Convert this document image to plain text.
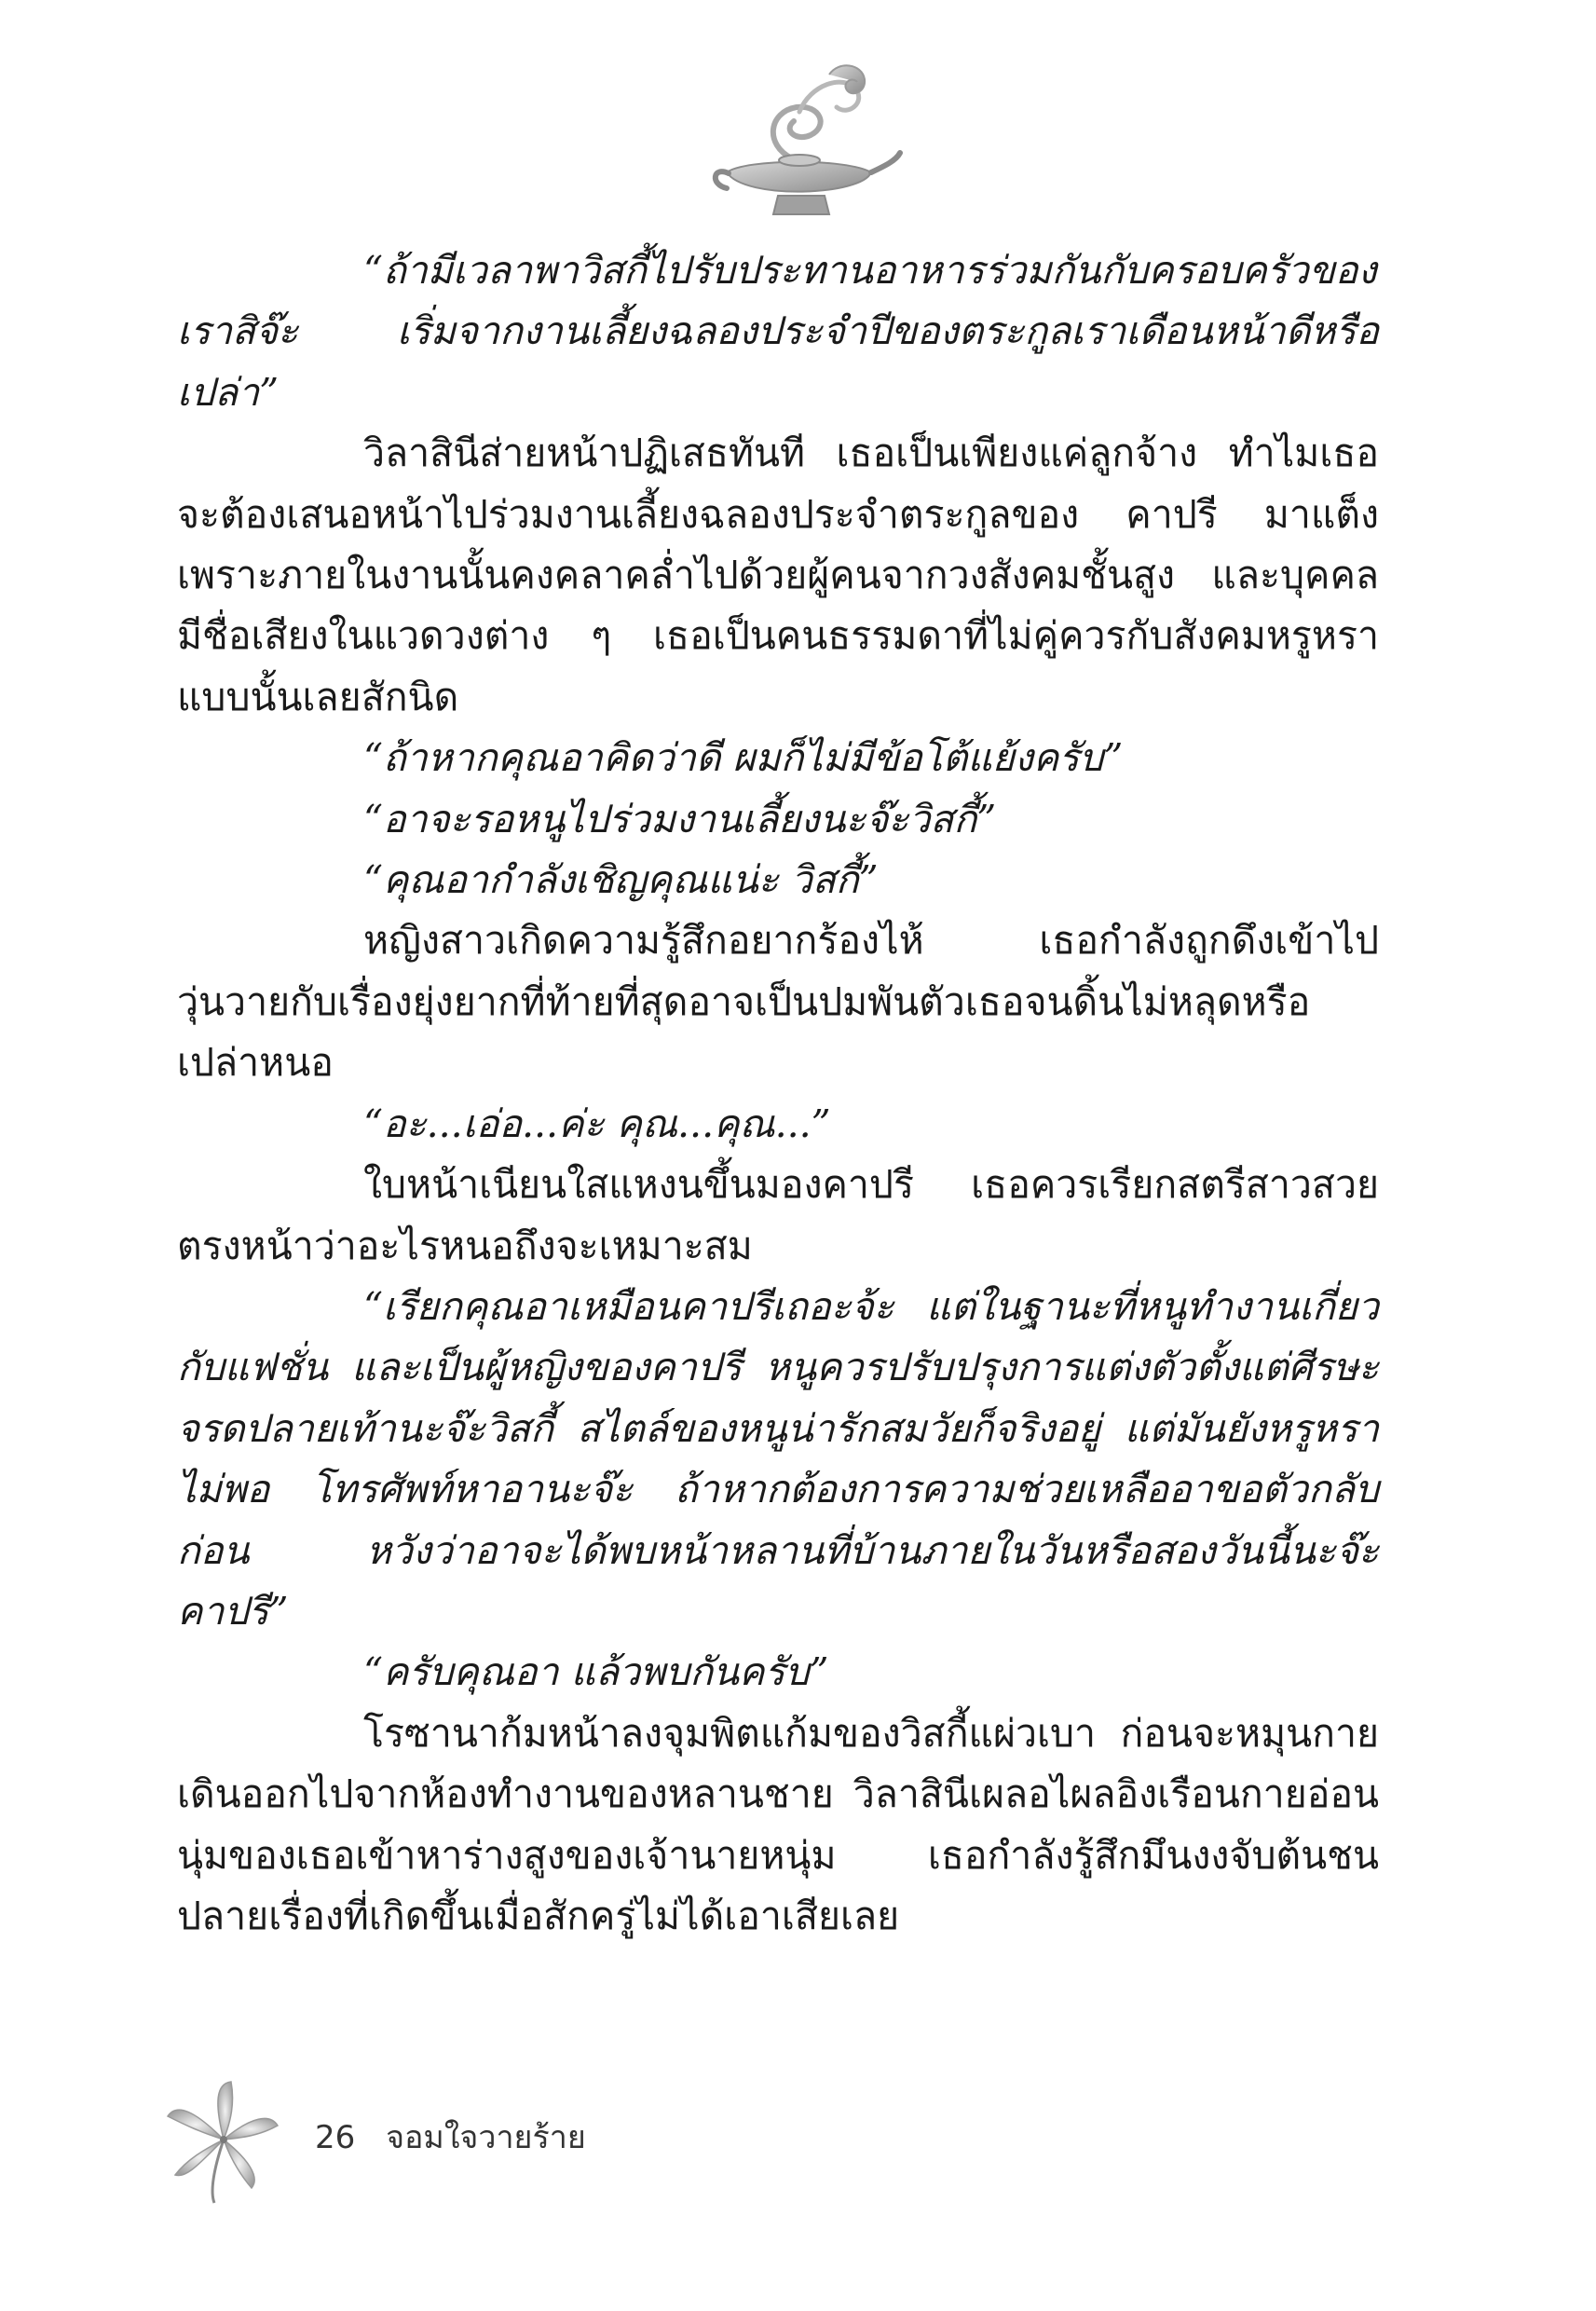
“ถ้ามีเวลาพาวิสกี้ไปรับประทานอาหารร่วมกันกับครอบครัวของเราสิจ๊ะ เริ่มจากงานเลี้ยงฉลองประจำปีของตระกูลเราเดือนหน้าดีหรือเปล่า”

วิลาสินีส่ายหน้าปฏิเสธทันที เธอเป็นเพียงแค่ลูกจ้าง ทำไมเธอจะต้องเสนอหน้าไปร่วมงานเลี้ยงฉลองประจำตระกูลของ คาปรี มาแต็งเพราะภายในงานนั้นคงคลาคล่ำไปด้วยผู้คนจากวงสังคมชั้นสูง และบุคคลมีชื่อเสียงในแวดวงต่าง ๆ เธอเป็นคนธรรมดาที่ไม่คู่ควรกับสังคมหรูหราแบบนั้นเลยสักนิด

“ถ้าหากคุณอาคิดว่าดี ผมก็ไม่มีข้อโต้แย้งครับ”

“อาจะรอหนูไปร่วมงานเลี้ยงนะจ๊ะวิสกี้”

“คุณอากำลังเชิญคุณแน่ะ วิสกี้”

หญิงสาวเกิดความรู้สึกอยากร้องไห้ เธอกำลังถูกดึงเข้าไปวุ่นวายกับเรื่องยุ่งยากที่ท้ายที่สุดอาจเป็นปมพันตัวเธอจนดิ้นไม่หลุดหรือเปล่าหนอ

“อะ...เอ่อ...ค่ะ คุณ...คุณ...”

ใบหน้าเนียนใสแหงนขึ้นมองคาปรี เธอควรเรียกสตรีสาวสวยตรงหน้าว่าอะไรหนอถึงจะเหมาะสม

“เรียกคุณอาเหมือนคาปรีเถอะจ้ะ แต่ในฐานะที่หนูทำงานเกี่ยวกับแฟชั่น และเป็นผู้หญิงของคาปรี หนูควรปรับปรุงการแต่งตัวตั้งแต่ศีรษะจรดปลายเท้านะจ๊ะวิสกี้ สไตล์ของหนูน่ารักสมวัยก็จริงอยู่ แต่มันยังหรูหราไม่พอ โทรศัพท์หาอานะจ๊ะ ถ้าหากต้องการความช่วยเหลืออาขอตัวกลับก่อน หวังว่าอาจะได้พบหน้าหลานที่บ้านภายในวันหรือสองวันนี้นะจ๊ะคาปรี”

“ครับคุณอา แล้วพบกันครับ”

โรซานาก้มหน้าลงจุมพิตแก้มของวิสกี้แผ่วเบา ก่อนจะหมุนกายเดินออกไปจากห้องทำงานของหลานชาย วิลาสินีเผลอไผลอิงเรือนกายอ่อนนุ่มของเธอเข้าหาร่างสูงของเจ้านายหนุ่ม เธอกำลังรู้สึกมึนงงจับต้นชนปลายเรื่องที่เกิดขึ้นเมื่อสักครู่ไม่ได้เอาเสียเลย

26 จอมใจวายร้าย
